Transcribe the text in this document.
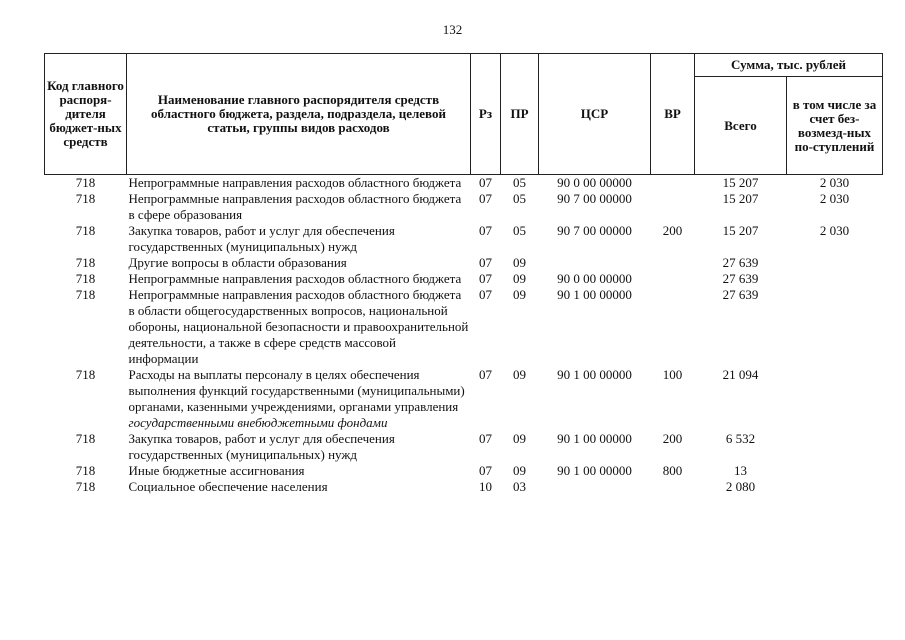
132
Код главного распоря-дителя бюджет-ных средств	Наименование главного распорядителя средств областного бюджета, раздела, подраздела, целевой статьи, группы видов расходов	Рз	ПР	ЦСР	ВР	Сумма, тыс. рублей	
						Всего	в том числе за счет без-возмезд-ных по-ступлений
718	Непрограммные направления расходов областного бюджета	07	05	90 0 00 00000		15 207	2 030
718	Непрограммные направления расходов областного бюджета в сфере образования	07	05	90 7 00 00000		15 207	2 030
718	Закупка товаров, работ и услуг для обеспечения государственных (муниципальных) нужд	07	05	90 7 00 00000	200	15 207	2 030
718	Другие вопросы в области образования	07	09			27 639	
718	Непрограммные направления расходов областного бюджета	07	09	90 0 00 00000		27 639	
718	Непрограммные направления расходов областного бюджета в области общегосударственных вопросов, национальной обороны, национальной безопасности и правоохранительной деятельности, а также в сфере средств массовой информации	07	09	90 1 00 00000		27 639	
718	Расходы на выплаты персоналу в целях обеспечения выполнения функций государственными (муниципальными) органами, казенными учреждениями, органами управления государственными внебюджетными фондами	07	09	90 1 00 00000	100	21 094	
718	Закупка товаров, работ и услуг для обеспечения государственных (муниципальных) нужд	07	09	90 1 00 00000	200	6 532	
718	Иные бюджетные ассигнования	07	09	90 1 00 00000	800	13	
718	Социальное обеспечение населения	10	03			2 080	
